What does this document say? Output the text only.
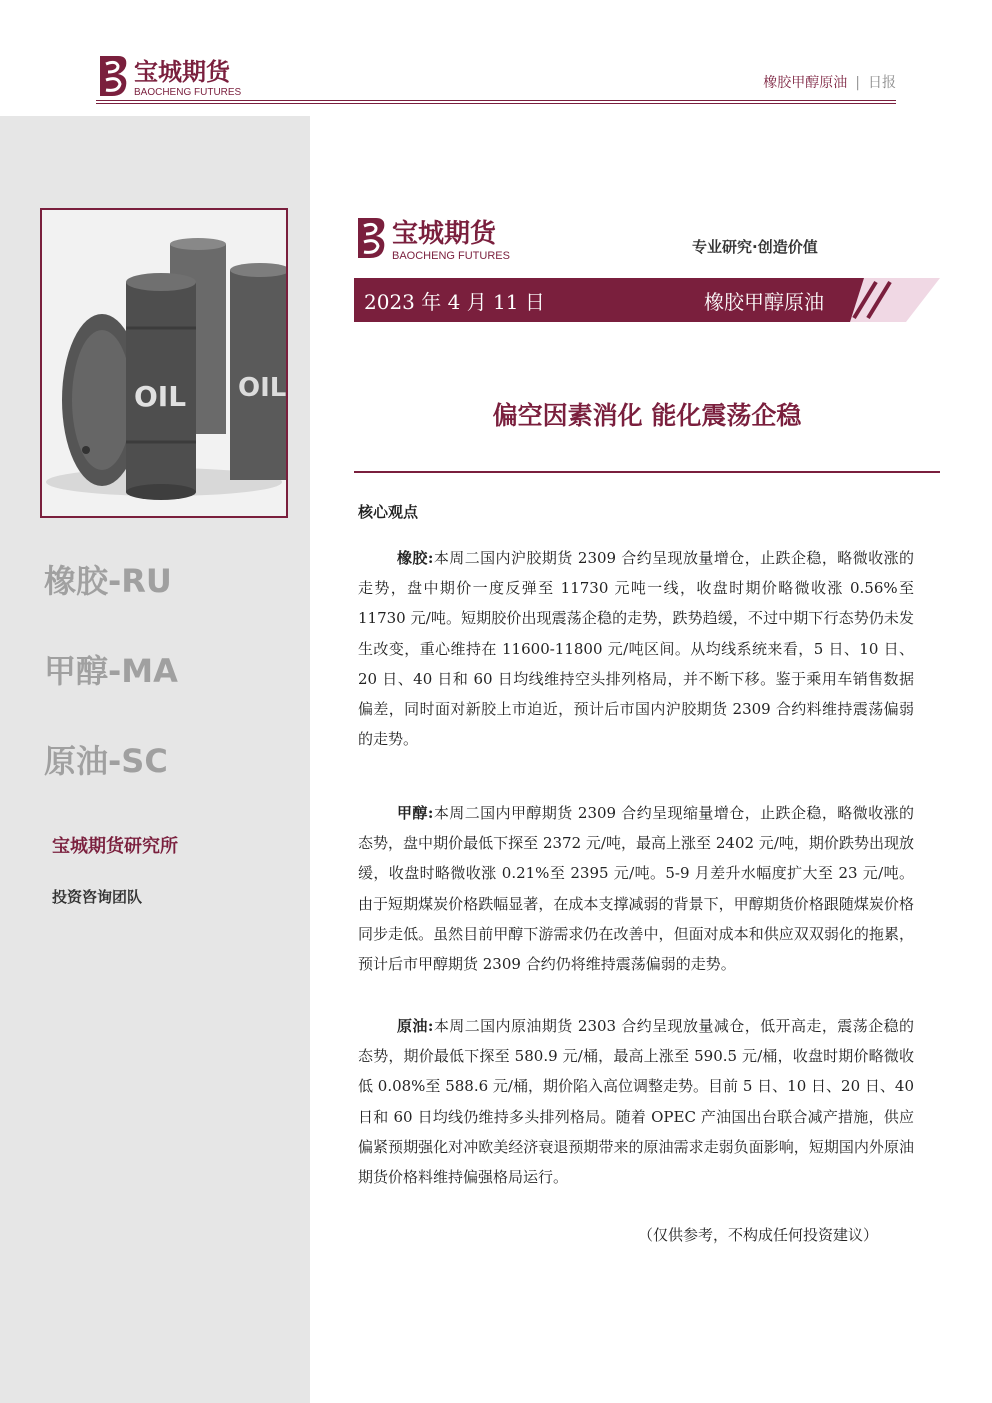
宝城期货
BAOCHENG FUTURES
橡胶甲醇原油 | 日报
OIL
OIL
橡胶-RU
甲醇-MA
原油-SC
宝城期货研究所
投资咨询团队
宝城期货
BAOCHENG FUTURES	专业研究·创造价值
2023 年 4 月 11 日	橡胶甲醇原油
偏空因素消化 能化震荡企稳
核心观点
橡胶:本周二国内沪胶期货 2309 合约呈现放量增仓，止跌企稳，略微收涨的走势，盘中期价一度反弹至 11730 元吨一线，收盘时期价略微收涨 0.56%至 11730 元/吨。短期胶价出现震荡企稳的走势，跌势趋缓，不过中期下行态势仍未发生改变，重心维持在 11600-11800 元/吨区间。从均线系统来看，5 日、10 日、20 日、40 日和 60 日均线维持空头排列格局，并不断下移。鉴于乘用车销售数据偏差，同时面对新胶上市迫近，预计后市国内沪胶期货 2309 合约料维持震荡偏弱的走势。
甲醇:本周二国内甲醇期货 2309 合约呈现缩量增仓，止跌企稳，略微收涨的态势，盘中期价最低下探至 2372 元/吨，最高上涨至 2402 元/吨，期价跌势出现放缓，收盘时略微收涨 0.21%至 2395 元/吨。5-9 月差升水幅度扩大至 23 元/吨。由于短期煤炭价格跌幅显著，在成本支撑减弱的背景下，甲醇期货价格跟随煤炭价格同步走低。虽然目前甲醇下游需求仍在改善中，但面对成本和供应双双弱化的拖累，预计后市甲醇期货 2309 合约仍将维持震荡偏弱的走势。
原油:本周二国内原油期货 2303 合约呈现放量减仓，低开高走，震荡企稳的态势，期价最低下探至 580.9 元/桶，最高上涨至 590.5 元/桶，收盘时期价略微收低 0.08%至 588.6 元/桶，期价陷入高位调整走势。目前 5 日、10 日、20 日、40 日和 60 日均线仍维持多头排列格局。随着 OPEC 产油国出台联合减产措施，供应偏紧预期强化对冲欧美经济衰退预期带来的原油需求走弱负面影响，短期国内外原油期货价格料维持偏强格局运行。
（仅供参考，不构成任何投资建议）
